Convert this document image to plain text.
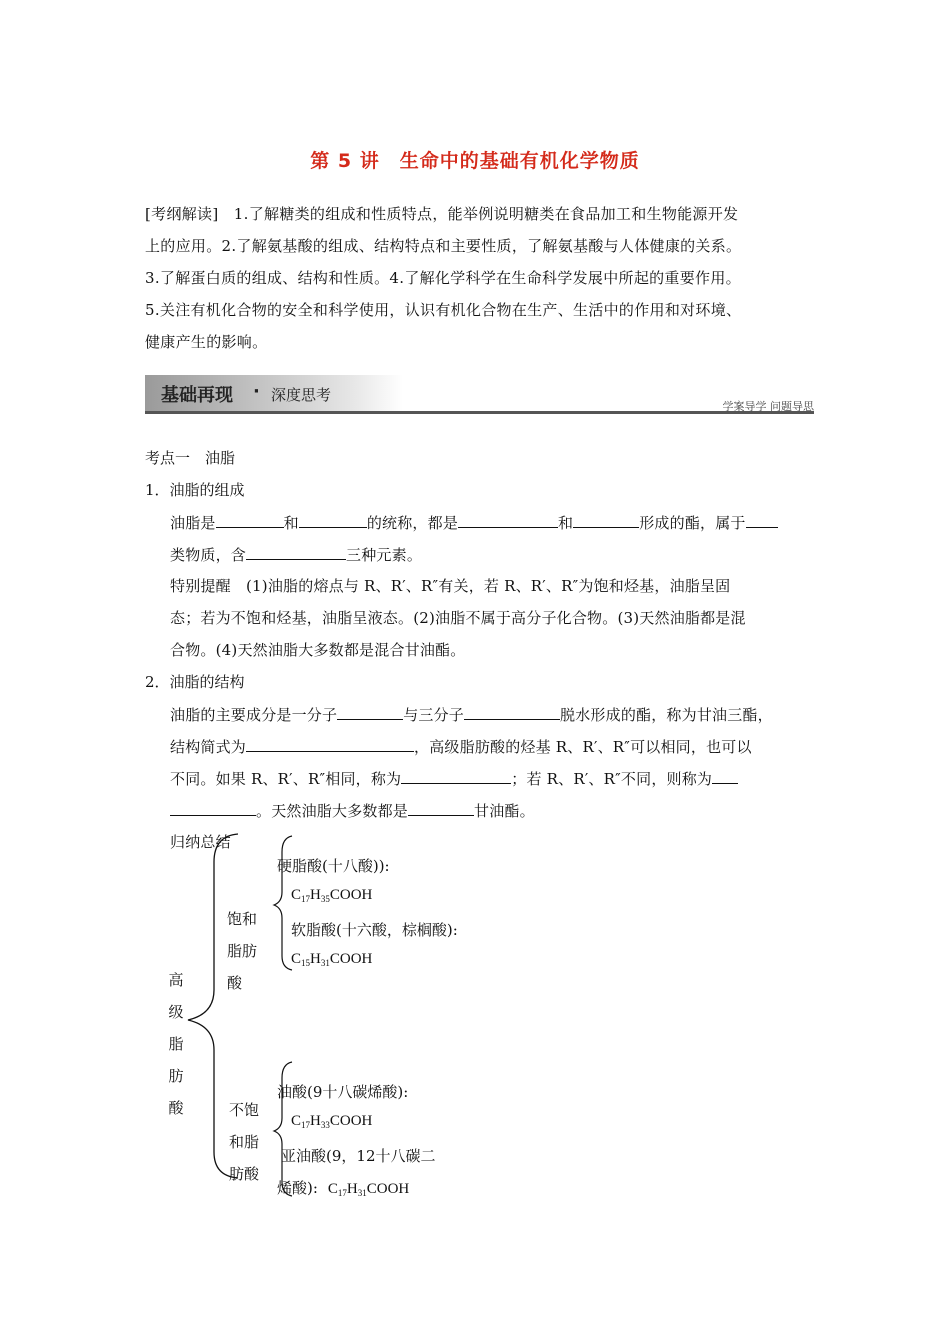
第 5 讲　生命中的基础有机化学物质
[考纲解读]　1.了解糖类的组成和性质特点，能举例说明糖类在食品加工和生物能源开发
上的应用。2.了解氨基酸的组成、结构特点和主要性质，了解氨基酸与人体健康的关系。
3.了解蛋白质的组成、结构和性质。4.了解化学科学在生命科学发展中所起的重要作用。
5.关注有机化合物的安全和科学使用，认识有机化合物在生产、生活中的作用和对环境、
健康产生的影响。
基础再现 · 深度思考
学案导学 问题导思
考点一　油脂
1．油脂的组成
油脂是	和	的统称，都是	和	形成的酯，属于
类物质，含	三种元素。
特别提醒　(1)油脂的熔点与 R、R′、R″有关，若 R、R′、R″为饱和烃基，油脂呈固
态；若为不饱和烃基，油脂呈液态。(2)油脂不属于高分子化合物。(3)天然油脂都是混
合物。(4)天然油脂大多数都是混合甘油酯。
2．油脂的结构
油脂的主要成分是一分子	与三分子	脱水形成的酯，称为甘油三酯，
结构简式为	，高级脂肪酸的烃基 R、R′、R″可以相同，也可以
不同。如果 R、R′、R″相同，称为	；若 R、R′、R″不同，则称为
。天然油脂大多数都是	甘油酯。
归纳总结
高级脂肪酸
饱和
脂肪
酸
不饱
和脂
肪酸
硬脂酸(十八酸)):
$C_{17}H_{35}COOH$
软脂酸(十六酸，棕榈酸):
$C_{15}H_{31}COOH$
油酸(9十八碳烯酸):
$C_{17}H_{33}COOH$
亚油酸(9，12十八碳二
烯酸): $C_{17}H_{31}COOH$
